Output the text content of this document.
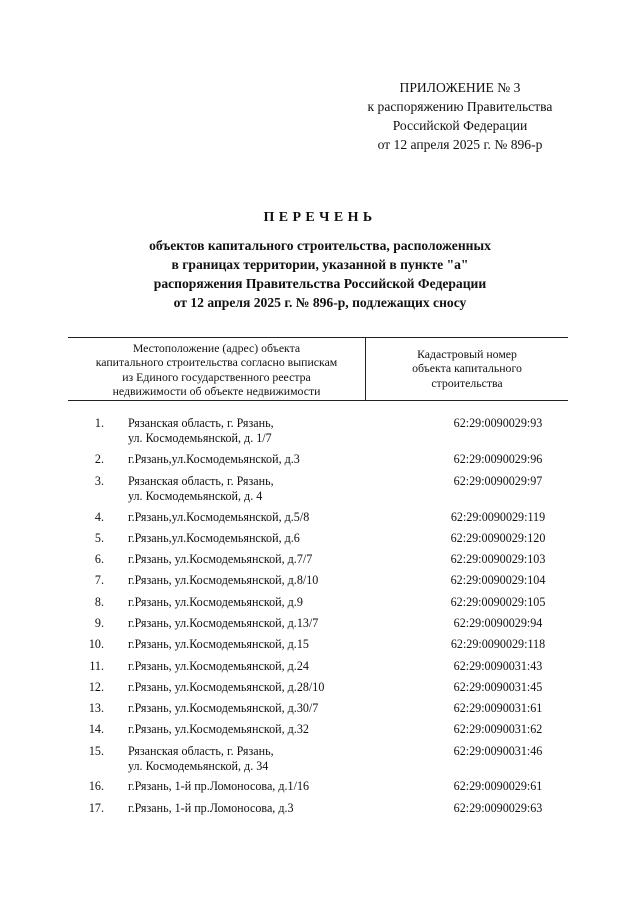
ПРИЛОЖЕНИЕ № 3
к распоряжению Правительства
Российской Федерации
от 12 апреля 2025 г. № 896-р
ПЕРЕЧЕНЬ
объектов капитального строительства, расположенных
в границах территории, указанной в пункте "а"
распоряжения Правительства Российской Федерации
от 12 апреля 2025 г. № 896-р, подлежащих сносу
Местоположение (адрес) объекта
капитального строительства согласно выпискам
из Единого государственного реестра
недвижимости об объекте недвижимости
Кадастровый номер
объекта капитального
строительства
1. Рязанская область, г. Рязань,
ул. Космодемьянской, д. 1/7
62:29:0090029:93
2. г.Рязань,ул.Космодемьянской, д.3	62:29:0090029:96
3. Рязанская область, г. Рязань,
ул. Космодемьянской, д. 4
62:29:0090029:97
4. г.Рязань,ул.Космодемьянской, д.5/8	62:29:0090029:119
5. г.Рязань,ул.Космодемьянской, д.6	62:29:0090029:120
6. г.Рязань, ул.Космодемьянской, д.7/7	62:29:0090029:103
7. г.Рязань, ул.Космодемьянской, д.8/10	62:29:0090029:104
8. г.Рязань, ул.Космодемьянской, д.9	62:29:0090029:105
9. г.Рязань, ул.Космодемьянской, д.13/7	62:29:0090029:94
10. г.Рязань, ул.Космодемьянской, д.15	62:29:0090029:118
11. г.Рязань, ул.Космодемьянской, д.24	62:29:0090031:43
12. г.Рязань, ул.Космодемьянской, д.28/10	62:29:0090031:45
13. г.Рязань, ул.Космодемьянской, д.30/7	62:29:0090031:61
14. г.Рязань, ул.Космодемьянской, д.32	62:29:0090031:62
15. Рязанская область, г. Рязань,
ул. Космодемьянской, д. 34
62:29:0090031:46
16. г.Рязань, 1-й пр.Ломоносова, д.1/16	62:29:0090029:61
17. г.Рязань, 1-й пр.Ломоносова, д.3	62:29:0090029:63
